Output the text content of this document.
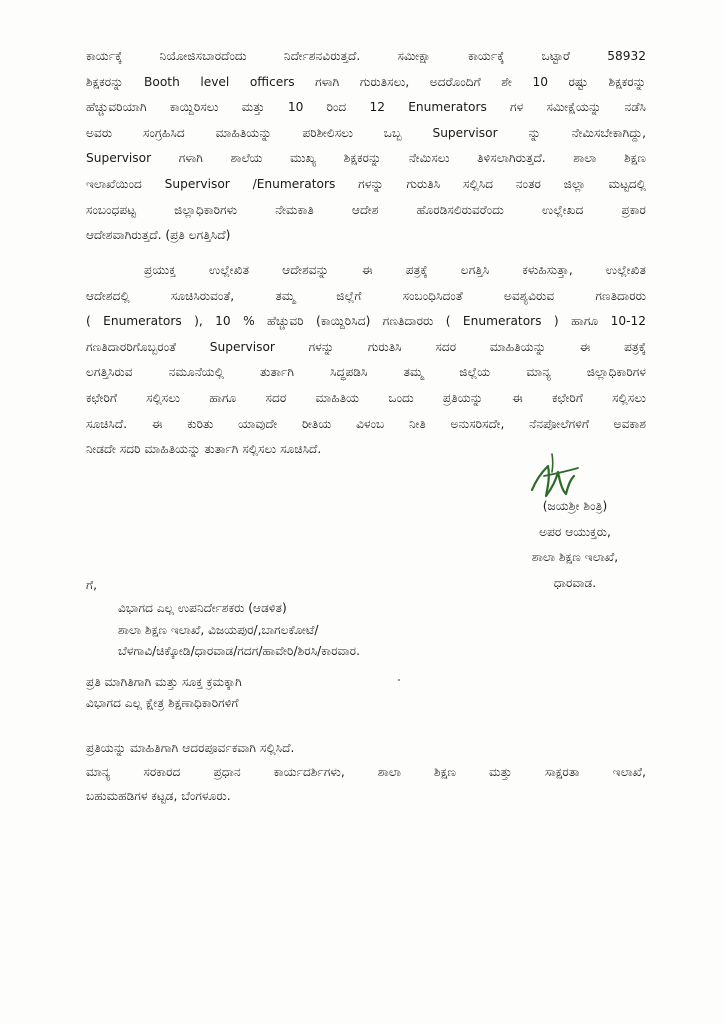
ಕಾರ್ಯಕ್ಕೆ ನಿಯೋಜಿಸಬಾರದೆಂದು ನಿರ್ದೇಶನವಿರುತ್ತದೆ. ಸಮೀಕ್ಷಾ ಕಾರ್ಯಕ್ಕೆ ಒಟ್ಟಾರೆ 58932
ಶಿಕ್ಷಕರನ್ನು Booth level officers ಗಳಾಗಿ ಗುರುತಿಸಲು, ಅದರೊಂದಿಗೆ ಶೇ 10 ರಷ್ಟು ಶಿಕ್ಷಕರನ್ನು
ಹೆಚ್ಚುವರಿಯಾಗಿ ಕಾಯ್ದಿರಿಸಲು ಮತ್ತು 10 ರಿಂದ 12 Enumerators ಗಳ ಸಮೀಕ್ಷೆಯನ್ನು ನಡೆಸಿ
ಅವರು ಸಂಗ್ರಹಿಸಿದ ಮಾಹಿತಿಯನ್ನು ಪರಿಶೀಲಿಸಲು ಒಬ್ಬ Supervisor ನ್ನು ನೇಮಿಸಬೇಕಾಗಿದ್ದು,
Supervisor ಗಳಾಗಿ ಶಾಲೆಯ ಮುಖ್ಯ ಶಿಕ್ಷಕರನ್ನು ನೇಮಿಸಲು ತಿಳಿಸಲಾಗಿರುತ್ತದೆ. ಶಾಲಾ ಶಿಕ್ಷಣ
ಇಲಾಖೆಯಿಂದ Supervisor /Enumerators ಗಳನ್ನು ಗುರುತಿಸಿ ಸಲ್ಲಿಸಿದ ನಂತರ ಜಿಲ್ಲಾ ಮಟ್ಟದಲ್ಲಿ
ಸಂಬಂಧಪಟ್ಟ ಜಿಲ್ಲಾಧಿಕಾರಿಗಳು ನೇಮಕಾತಿ ಆದೇಶ ಹೊರಡಿಸಲಿರುವರೆಂದು ಉಲ್ಲೇಖದ ಪ್ರಕಾರ
ಆದೇಶವಾಗಿರುತ್ತದೆ. (ಪ್ರತಿ ಲಗತ್ತಿಸಿದೆ)
ಪ್ರಯುಕ್ತ ಉಲ್ಲೇಖಿತ ಆದೇಶವನ್ನು ಈ ಪತ್ರಕ್ಕೆ ಲಗತ್ತಿಸಿ ಕಳುಹಿಸುತ್ತಾ, ಉಲ್ಲೇಖಿತ
ಆದೇಶದಲ್ಲಿ ಸೂಚಿಸಿರುವಂತೆ, ತಮ್ಮ ಜಿಲ್ಲೆಗೆ ಸಂಬಂಧಿಸಿದಂತೆ ಅವಶ್ಯವಿರುವ ಗಣತಿದಾರರು
( Enumerators ), 10 % ಹೆಚ್ಚುವರಿ (ಕಾಯ್ದಿರಿಸಿದ) ಗಣತಿದಾರರು ( Enumerators ) ಹಾಗೂ 10-12
ಗಣತಿದಾರರಿಗೊಬ್ಬರಂತೆ Supervisor ಗಳನ್ನು ಗುರುತಿಸಿ ಸದರ ಮಾಹಿತಿಯನ್ನು ಈ ಪತ್ರಕ್ಕೆ
ಲಗತ್ತಿಸಿರುವ ನಮೂನೆಯಲ್ಲಿ ತುರ್ತಾಗಿ ಸಿದ್ಧಪಡಿಸಿ ತಮ್ಮ ಜಿಲ್ಲೆಯ ಮಾನ್ಯ ಜಿಲ್ಲಾಧಿಕಾರಿಗಳ
ಕಛೇರಿಗೆ ಸಲ್ಲಿಸಲು ಹಾಗೂ ಸದರ ಮಾಹಿತಿಯ ಒಂದು ಪ್ರತಿಯನ್ನು ಈ ಕಛೇರಿಗೆ ಸಲ್ಲಿಸಲು
ಸೂಚಿಸಿದೆ. ಈ ಕುರಿತು ಯಾವುದೇ ರೀತಿಯ ವಿಳಂಬ ನೀತಿ ಅನುಸರಿಸದೇ, ನೆನಪೋಲೆಗಳಿಗೆ ಅವಕಾಶ
ನೀಡದೇ ಸದರಿ ಮಾಹಿತಿಯನ್ನು ತುರ್ತಾಗಿ ಸಲ್ಲಿಸಲು ಸೂಚಿಸಿದೆ.
(ಜಯಶ್ರೀ ಶಿಂತ್ರಿ)
ಅಪರ ಆಯುಕ್ತರು,
ಶಾಲಾ ಶಿಕ್ಷಣ ಇಲಾಖೆ,
ಧಾರವಾಡ.
ಗೆ,
ವಿಭಾಗದ ಎಲ್ಲ ಉಪನಿರ್ದೇಶಕರು (ಆಡಳಿತ)
ಶಾಲಾ ಶಿಕ್ಷಣ ಇಲಾಖೆ, ವಿಜಯಪುರ/,ಬಾಗಲಕೋಟೆ/
ಬೆಳಗಾವಿ/ಚಿಕ್ಕೋಡಿ/ಧಾರವಾಡ/ಗದಗ/ಹಾವೇರಿ/ಶಿರಸಿ/ಕಾರವಾರ.
ಪ್ರತಿ ಮಾಗಿತಿಗಾಗಿ ಮತ್ತು ಸೂಕ್ತ ಕ್ರಮಕ್ಕಾಗಿ
ವಿಭಾಗದ ಎಲ್ಲ ಕ್ಷೇತ್ರ ಶಿಕ್ಷಣಾಧಿಕಾರಿಗಳಿಗೆ
ಪ್ರತಿಯನ್ನು ಮಾಹಿತಿಗಾಗಿ ಆದರಪೂರ್ವಕವಾಗಿ ಸಲ್ಲಿಸಿದೆ.
ಮಾನ್ಯ ಸರಕಾರದ ಪ್ರಧಾನ ಕಾರ್ಯದರ್ಶಿಗಳು, ಶಾಲಾ ಶಿಕ್ಷಣ ಮತ್ತು ಸಾಕ್ಷರತಾ ಇಲಾಖೆ,
ಬಹುಮಹಡಿಗಳ ಕಟ್ಟಡ, ಬೆಂಗಳೂರು.
